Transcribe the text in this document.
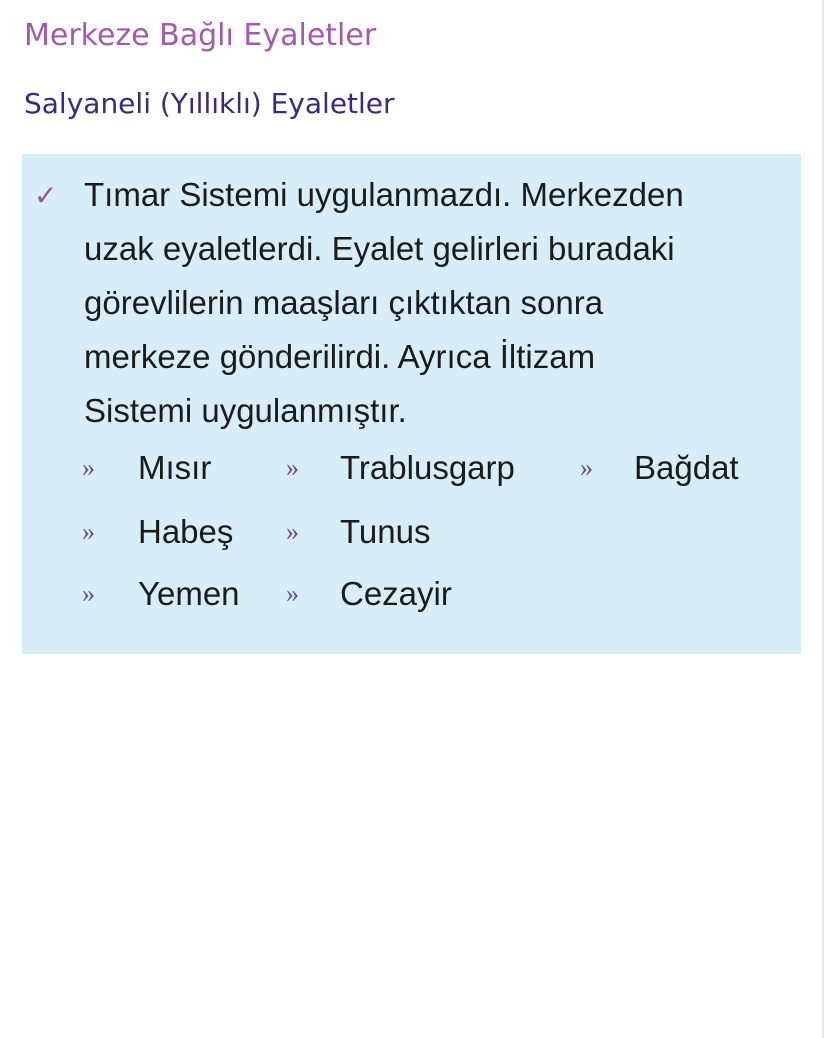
Merkeze Bağlı Eyaletler
Salyaneli (Yıllıklı) Eyaletler
✓ Tımar Sistemi uygulanmazdı. Merkezden
uzak eyaletlerdi. Eyalet gelirleri buradaki
görevlilerin maaşları çıktıktan sonra
merkeze gönderilirdi. Ayrıca İltizam
Sistemi uygulanmıştır.
» Mısır	» Trablusgarp	» Bağdat
» Habeş » Tunus
» Yemen » Cezayir
